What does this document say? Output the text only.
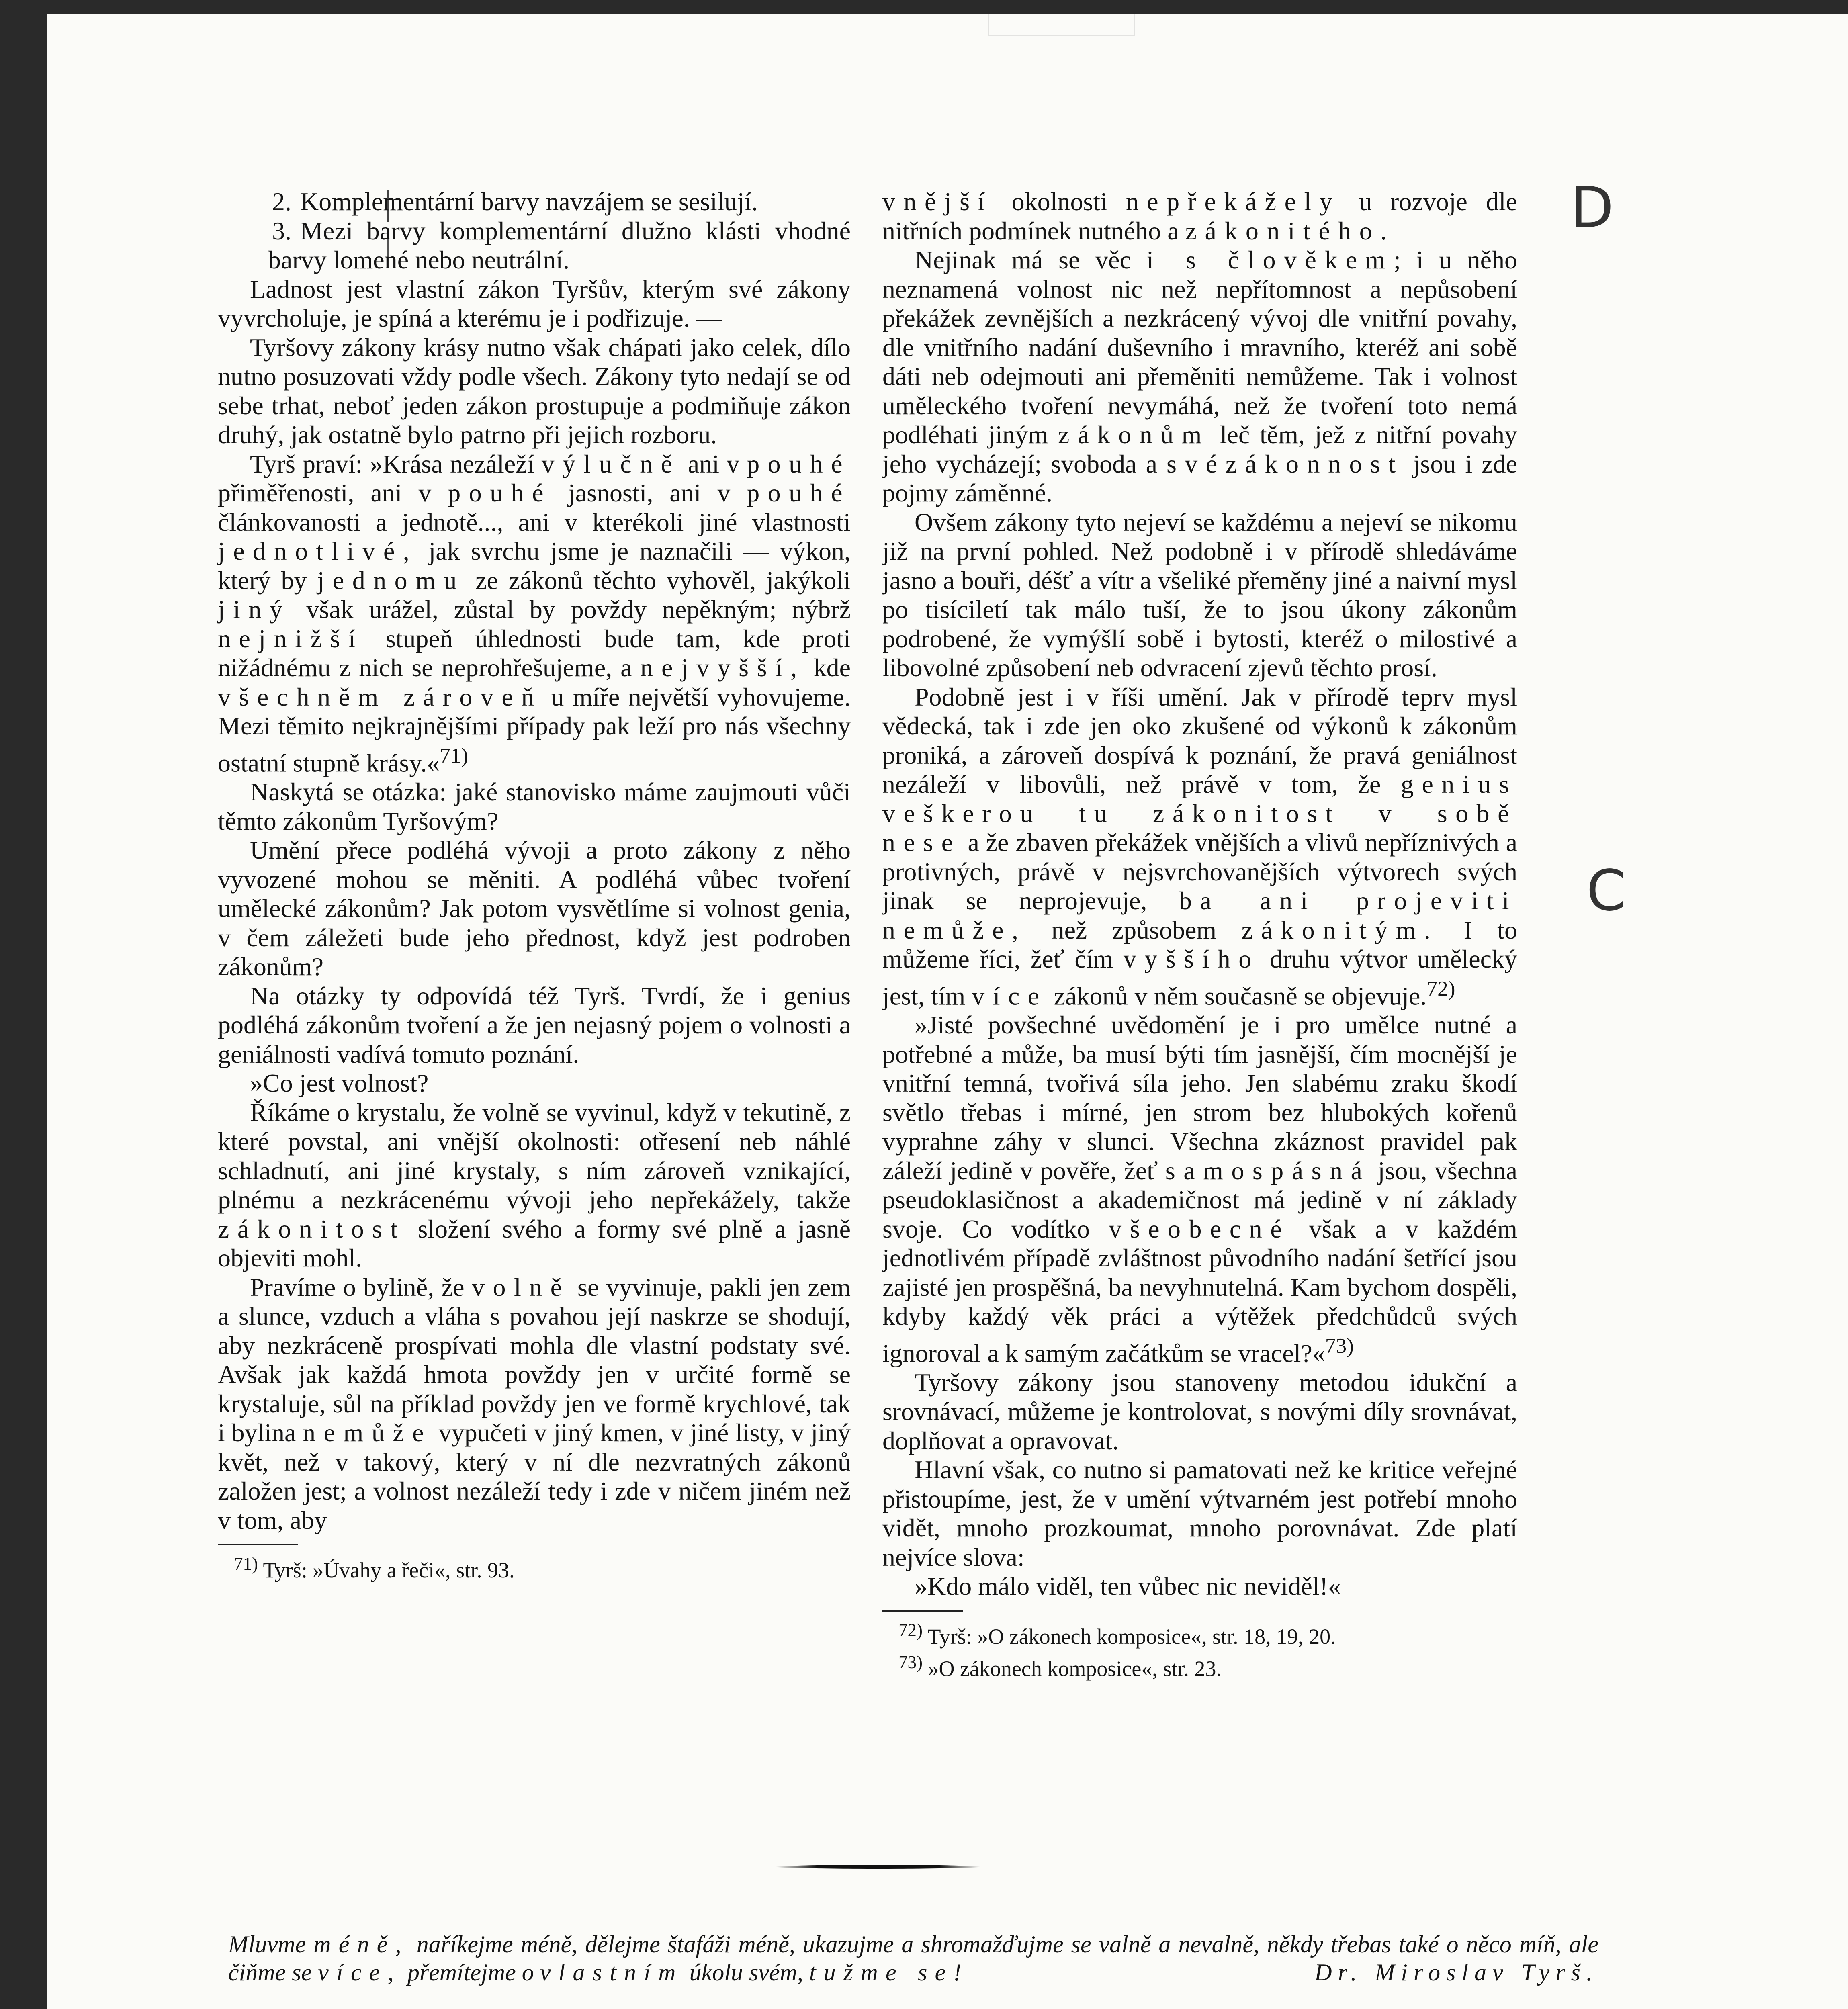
2. Komplementární barvy navzájem se sesilují.

3. Mezi barvy komplementární dlužno klásti vhodné barvy lomené nebo neutrální.

Ladnost jest vlastní zákon Tyršův, kterým své zákony vyvrcholuje, je spíná a kterému je i podřizuje. —

Tyršovy zákony krásy nutno však chápati jako celek, dílo nutno posuzovati vždy podle všech. Zákony tyto nedají se od sebe trhat, neboť jeden zákon prostupuje a podmiňuje zákon druhý, jak ostatně bylo patrno při jejich rozboru.

Tyrš praví: »Krása nezáleží výlučně ani v pouhé přiměřenosti, ani v pouhé jasnosti, ani v pouhé článkovanosti a jednotě..., ani v kterékoli jiné vlastnosti jednotlivé, jak svrchu jsme je naznačili — výkon, který by jednomu ze zákonů těchto vyhověl, jakýkoli jiný však urážel, zůstal by povždy nepěkným; nýbrž nejnižší stupeň úhlednosti bude tam, kde proti nižádnému z nich se neprohřešujeme, a nejvyšší, kde všechněm zároveň u míře největší vyhovujeme. Mezi těmito nejkrajnějšími případy pak leží pro nás všechny ostatní stupně krásy.«$^{71)}$

Naskytá se otázka: jaké stanovisko máme zaujmouti vůči těmto zákonům Tyršovým?

Umění přece podléhá vývoji a proto zákony z něho vyvozené mohou se měniti. A podléhá vůbec tvoření umělecké zákonům? Jak potom vysvětlíme si volnost genia, v čem záležeti bude jeho přednost, když jest podroben zákonům?

Na otázky ty odpovídá též Tyrš. Tvrdí, že i genius podléhá zákonům tvoření a že jen nejasný pojem o volnosti a geniálnosti vadívá tomuto poznání.

»Co jest volnost?

Říkáme o krystalu, že volně se vyvinul, když v tekutině, z které povstal, ani vnější okolnosti: otřesení neb náhlé schladnutí, ani jiné krystaly, s ním zároveň vznikající, plnému a nezkrácenému vývoji jeho nepřekážely, takže zákonitost složení svého a formy své plně a jasně objeviti mohl.

Pravíme o bylině, že volně se vyvinuje, pakli jen zem a slunce, vzduch a vláha s povahou její naskrze se shodují, aby nezkráceně prospívati mohla dle vlastní podstaty své. Avšak jak každá hmota povždy jen v určité formě se krystaluje, sůl na příklad povždy jen ve formě krychlové, tak i bylina nemůže vypučeti v jiný kmen, v jiné listy, v jiný květ, než v takový, který v ní dle nezvratných zákonů založen jest; a volnost nezáleží tedy i zde v ničem jiném než v tom, aby

$^{71)}$ Tyrš: »Úvahy a řeči«, str. 93.

vnější okolnosti nepřekážely u rozvoje dle nitřních podmínek nutného a zákonitého.

Nejinak má se věc i s člověkem; i u něho neznamená volnost nic než nepřítomnost a nepůsobení překážek zevnějších a nezkrácený vývoj dle vnitřní povahy, dle vnitřního nadání duševního i mravního, kteréž ani sobě dáti neb odejmouti ani přeměniti nemůžeme. Tak i volnost uměleckého tvoření nevymáhá, než že tvoření toto nemá podléhati jiným zákonům leč těm, jež z nitřní povahy jeho vycházejí; svoboda a svézákonnost jsou i zde pojmy záměnné.

Ovšem zákony tyto nejeví se každému a nejeví se nikomu již na první pohled. Než podobně i v přírodě shledáváme jasno a bouři, déšť a vítr a všeliké přeměny jiné a naivní mysl po tisíciletí tak málo tuší, že to jsou úkony zákonům podrobené, že vymýšlí sobě i bytosti, kteréž o milostivé a libovolné způsobení neb odvracení zjevů těchto prosí.

Podobně jest i v říši umění. Jak v přírodě teprv mysl vědecká, tak i zde jen oko zkušené od výkonů k zákonům proniká, a zároveň dospívá k poznání, že pravá geniálnost nezáleží v libovůli, než právě v tom, že genius veškerou tu zákonitost v sobě nese a že zbaven překážek vnějších a vlivů nepříznivých a protivných, právě v nejsvrchovanějších výtvorech svých jinak se neprojevuje, ba ani projeviti nemůže, než způsobem zákonitým. I to můžeme říci, žeť čím vyššího druhu výtvor umělecký jest, tím více zákonů v něm současně se objevuje.$^{72)}$

»Jisté povšechné uvědomění je i pro umělce nutné a potřebné a může, ba musí býti tím jasnější, čím mocnější je vnitřní temná, tvořivá síla jeho. Jen slabému zraku škodí světlo třebas i mírné, jen strom bez hlubokých kořenů vyprahne záhy v slunci. Všechna zkáznost pravidel pak záleží jedině v pověře, žeť samospásná jsou, všechna pseudoklasičnost a akademičnost má jedině v ní základy svoje. Co vodítko všeobecné však a v každém jednotlivém případě zvláštnost původního nadání šetřící jsou zajisté jen prospěšná, ba nevyhnutelná. Kam bychom dospěli, kdyby každý věk práci a výtěžek předchůdců svých ignoroval a k samým začátkům se vracel?«$^{73)}$

Tyršovy zákony jsou stanoveny metodou idukční a srovnávací, můžeme je kontrolovat, s novými díly srovnávat, doplňovat a opravovat.

Hlavní však, co nutno si pamatovati než ke kritice veřejné přistoupíme, jest, že v umění výtvarném jest potřebí mnoho vidět, mnoho prozkoumat, mnoho porovnávat. Zde platí nejvíce slova:

»Kdo málo viděl, ten vůbec nic neviděl!«

$^{72)}$ Tyrš: »O zákonech komposice«, str. 18, 19, 20.

$^{73)}$ »O zákonech komposice«, str. 23.

D
C
Mluvme méně, naříkejme méně, dělejme štafáži méně, ukazujme a shromažďujme se valně a nevalně, někdy třebas také o něco míň, ale čiňme se více, přemítejme o vlastním úkolu svém, tužme se!	Dr. Miroslav Tyrš.
